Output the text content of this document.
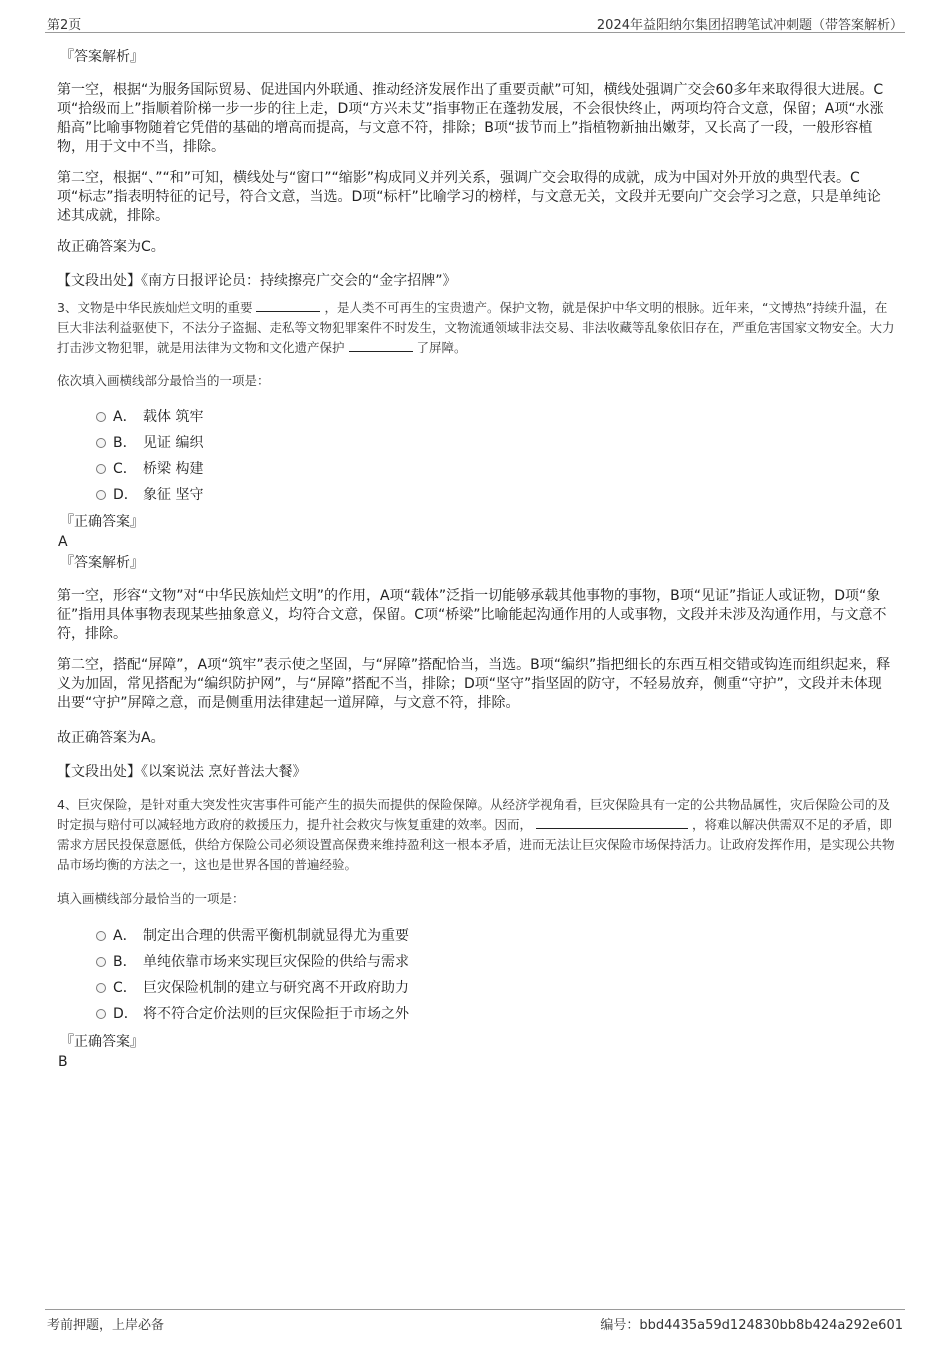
第2页	2024年益阳纳尔集团招聘笔试冲刺题（带答案解析）
『答案解析』
第一空，根据“为服务国际贸易、促进国内外联通、推动经济发展作出了重要贡献”可知，横线处强调广交会60多年来取得很大进展。C项“拾级而上”指顺着阶梯一步一步的往上走，D项“方兴未艾”指事物正在蓬勃发展，不会很快终止，两项均符合文意，保留；A项“水涨船高”比喻事物随着它凭借的基础的增高而提高，与文意不符，排除；B项“拔节而上”指植物新抽出嫩芽，又长高了一段，一般形容植物，用于文中不当，排除。
第二空，根据“、”“和”可知，横线处与“窗口”“缩影”构成同义并列关系，强调广交会取得的成就，成为中国对外开放的典型代表。C项“标志”指表明特征的记号，符合文意，当选。D项“标杆”比喻学习的榜样，与文意无关，文段并无要向广交会学习之意，只是单纯论述其成就，排除。
故正确答案为C。
【文段出处】《南方日报评论员：持续擦亮广交会的“金字招牌”》
3、文物是中华民族灿烂文明的重要	，是人类不可再生的宝贵遗产。保护文物，就是保护中华文明的根脉。近年来，“文博热”持续升温，在巨大非法利益驱使下，不法分子盗掘、走私等文物犯罪案件不时发生，文物流通领域非法交易、非法收藏等乱象依旧存在，严重危害国家文物安全。大力打击涉文物犯罪，就是用法律为文物和文化遗产保护	了屏障。
依次填入画横线部分最恰当的一项是：
A． 载体 筑牢
B． 见证 编织
C． 桥梁 构建
D． 象征 坚守
『正确答案』
A
『答案解析』
第一空，形容“文物”对“中华民族灿烂文明”的作用，A项“载体”泛指一切能够承载其他事物的事物，B项“见证”指证人或证物，D项“象征”指用具体事物表现某些抽象意义，均符合文意，保留。C项“桥梁”比喻能起沟通作用的人或事物，文段并未涉及沟通作用，与文意不符，排除。
第二空，搭配“屏障”，A项“筑牢”表示使之坚固，与“屏障”搭配恰当，当选。B项“编织”指把细长的东西互相交错或钩连而组织起来，释义为加固，常见搭配为“编织防护网”，与“屏障”搭配不当，排除；D项“坚守”指坚固的防守，不轻易放弃，侧重“守护”，文段并未体现出要“守护”屏障之意，而是侧重用法律建起一道屏障，与文意不符，排除。
故正确答案为A。
【文段出处】《以案说法 烹好普法大餐》
4、巨灾保险，是针对重大突发性灾害事件可能产生的损失而提供的保险保障。从经济学视角看，巨灾保险具有一定的公共物品属性，灾后保险公司的及时定损与赔付可以减轻地方政府的救援压力，提升社会救灾与恢复重建的效率。因而，	，将难以解决供需双不足的矛盾，即需求方居民投保意愿低，供给方保险公司必须设置高保费来维持盈利这一根本矛盾，进而无法让巨灾保险市场保持活力。让政府发挥作用，是实现公共物品市场均衡的方法之一，这也是世界各国的普遍经验。
填入画横线部分最恰当的一项是：
A． 制定出合理的供需平衡机制就显得尤为重要
B． 单纯依靠市场来实现巨灾保险的供给与需求
C． 巨灾保险机制的建立与研究离不开政府助力
D． 将不符合定价法则的巨灾保险拒于市场之外
『正确答案』
B
考前押题，上岸必备	编号：bbd4435a59d124830bb8b424a292e601
